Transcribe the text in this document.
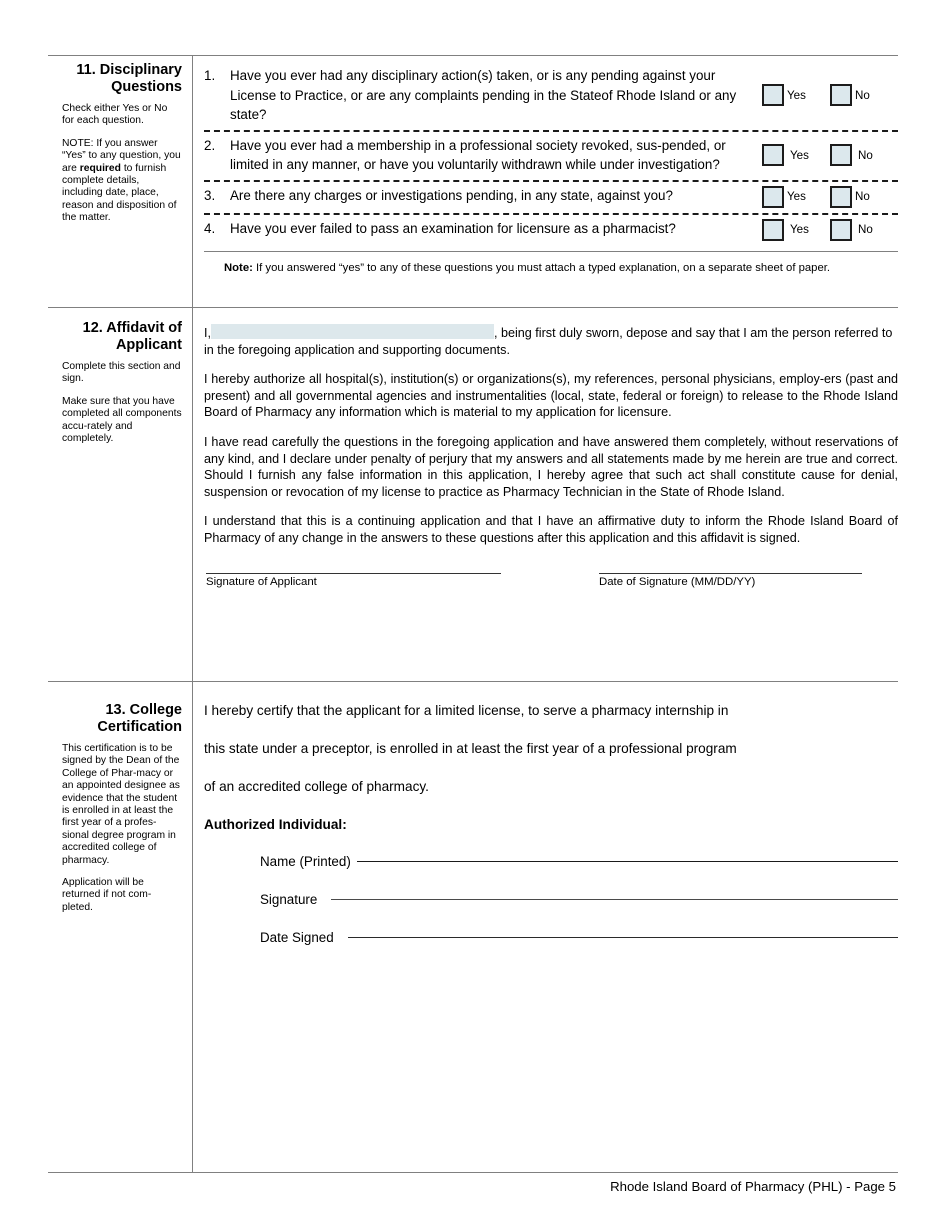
11. Disciplinary
Questions

Check either Yes or No for each question.

NOTE: If you answer “Yes” to any question, you are required to furnish complete details, including date, place, reason and disposition of the matter.

1.	Have you ever had any disciplinary action(s) taken, or is any pending against your License to Practice, or are any complaints pending in the Stateof Rhode Island or any state?
Yes	No
2.	Have you ever had a membership in a professional society revoked, sus-pended, or limited in any manner, or have you voluntarily withdrawn while under investigation?
Yes	No
3.	Are there any charges or investigations pending, in any state, against you?	Yes	No
4.	Have you ever failed to pass an examination for licensure as a pharmacist?	Yes	No
Note: If you answered “yes” to any of these questions you must attach a typed explanation, on a separate sheet of paper.
12. Affidavit of
Applicant

Complete this section and sign.

Make sure that you have completed all components accu-rately and completely.

I,	, being first duly sworn, depose and say that I am the person referred to in the foregoing application and supporting documents.
I hereby authorize all hospital(s), institution(s) or organizations(s), my references, personal physicians, employ-ers (past and present) and all governmental agencies and instrumentalities (local, state, federal or foreign) to release to the Rhode Island Board of Pharmacy any information which is material to my application for licensure.
I have read carefully the questions in the foregoing application and have answered them completely, without reservations of any kind, and I declare under penalty of perjury that my answers and all statements made by me herein are true and correct. Should I furnish any false information in this application, I hereby agree that such act shall constitute cause for denial, suspension or revocation of my license to practice as Pharmacy Technician in the State of Rhode Island.
I understand that this is a continuing application and that I have an affirmative duty to inform the Rhode Island Board of Pharmacy of any change in the answers to these questions after this application and this affidavit is signed.
Signature of Applicant	Date of Signature (MM/DD/YY)
13. College
Certification

This certification is to be signed by the Dean of the College of Phar-macy or an appointed designee as evidence that the student is enrolled in at least the first year of a profes-sional degree program in accredited college of pharmacy.

Application will be returned if not com-pleted.

I hereby certify that the applicant for a limited license, to serve a pharmacy internship in
this state under a preceptor, is enrolled in at least the first year of a professional program
of an accredited college of pharmacy.
Authorized Individual:
Name (Printed)
Signature
Date Signed
Rhode Island Board of Pharmacy (PHL) - Page 5
